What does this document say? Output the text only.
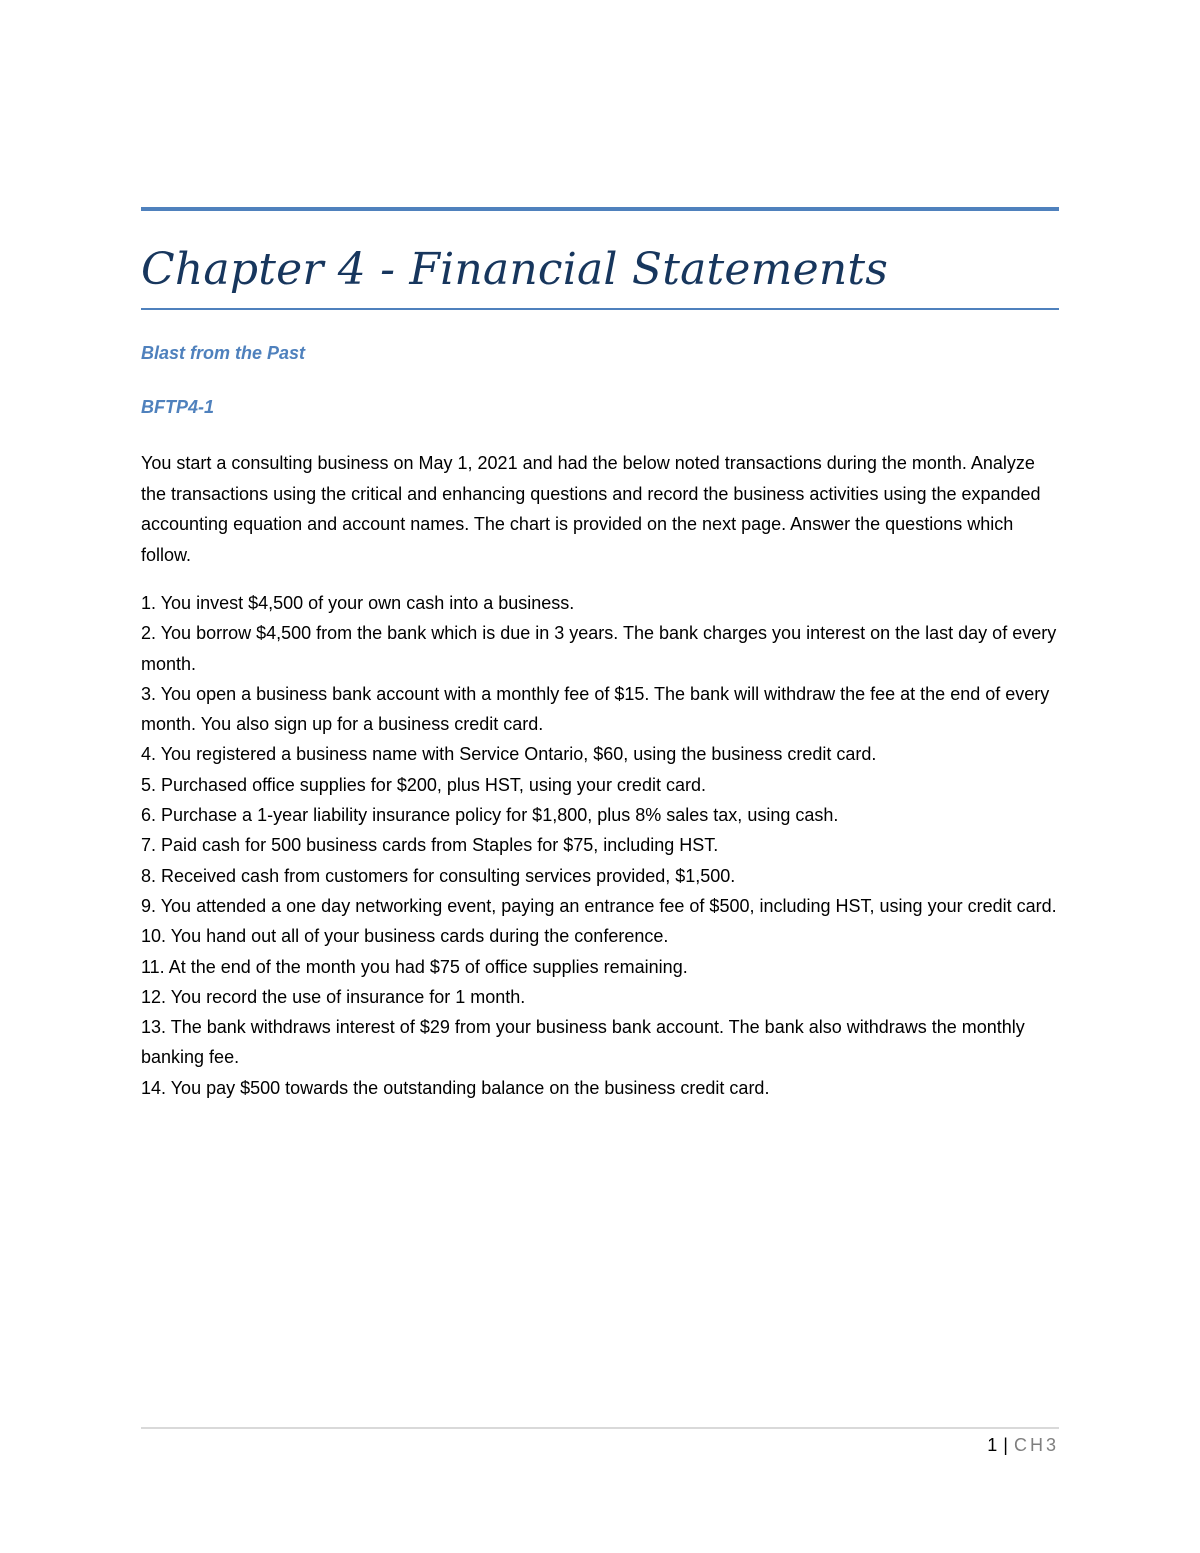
Chapter 4 - Financial Statements

Blast from the Past

BFTP4-1

You start a consulting business on May 1, 2021 and had the below noted transactions during the month. Analyze the transactions using the critical and enhancing questions and record the business activities using the expanded accounting equation and account names. The chart is provided on the next page. Answer the questions which follow.

1. You invest $4,500 of your own cash into a business.
2. You borrow $4,500 from the bank which is due in 3 years. The bank charges you interest on the last day of every month.
3. You open a business bank account with a monthly fee of $15. The bank will withdraw the fee at the end of every month. You also sign up for a business credit card.
4. You registered a business name with Service Ontario, $60, using the business credit card.
5. Purchased office supplies for $200, plus HST, using your credit card.
6. Purchase a 1-year liability insurance policy for $1,800, plus 8% sales tax, using cash.
7. Paid cash for 500 business cards from Staples for $75, including HST.
8. Received cash from customers for consulting services provided, $1,500.
9. You attended a one day networking event, paying an entrance fee of $500, including HST, using your credit card.
10. You hand out all of your business cards during the conference.
11. At the end of the month you had $75 of office supplies remaining.
12. You record the use of insurance for 1 month.
13. The bank withdraws interest of $29 from your business bank account. The bank also withdraws the monthly banking fee.
14. You pay $500 towards the outstanding balance on the business credit card.

1 | CH3
